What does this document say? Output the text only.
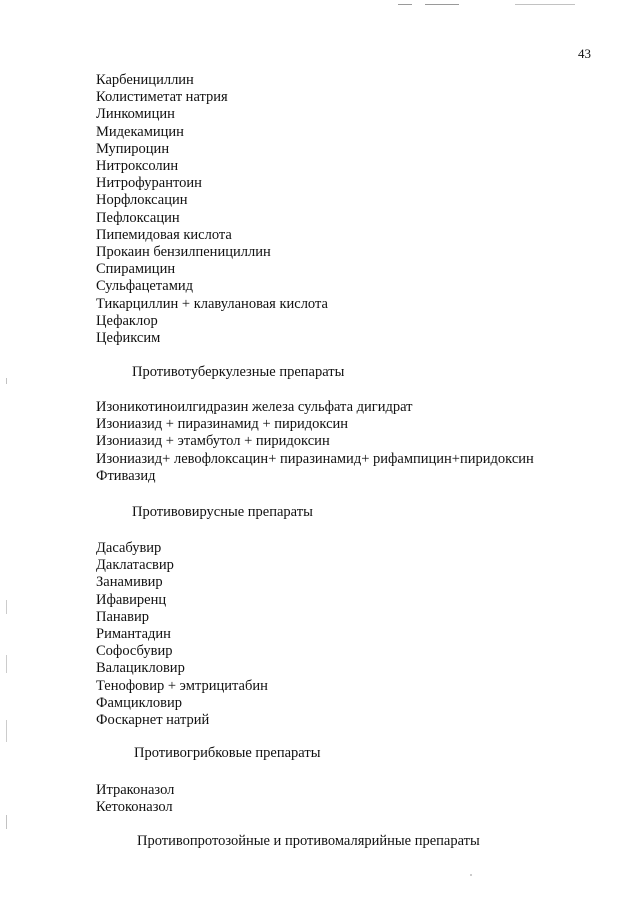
43
Карбенициллин
Колистиметат натрия
Линкомицин
Мидекамицин
Мупироцин
Нитроксолин
Нитрофурантоин
Норфлоксацин
Пефлоксацин
Пипемидовая кислота
Прокаин бензилпенициллин
Спирамицин
Сульфацетамид
Тикарциллин + клавулановая кислота
Цефаклор
Цефиксим
Противотуберкулезные препараты
Изоникотиноилгидразин железа сульфата дигидрат
Изониазид + пиразинамид + пиридоксин
Изониазид + этамбутол + пиридоксин
Изониазид+ левофлоксацин+ пиразинамид+ рифампицин+пиридоксин
Фтивазид
Противовирусные препараты
Дасабувир
Даклатасвир
Занамивир
Ифавиренц
Панавир
Римантадин
Софосбувир
Валацикловир
Тенофовир + эмтрицитабин
Фамцикловир
Фоскарнет натрий
Противогрибковые препараты
Итраконазол
Кетоконазол
Противопротозойные и противомалярийные препараты
